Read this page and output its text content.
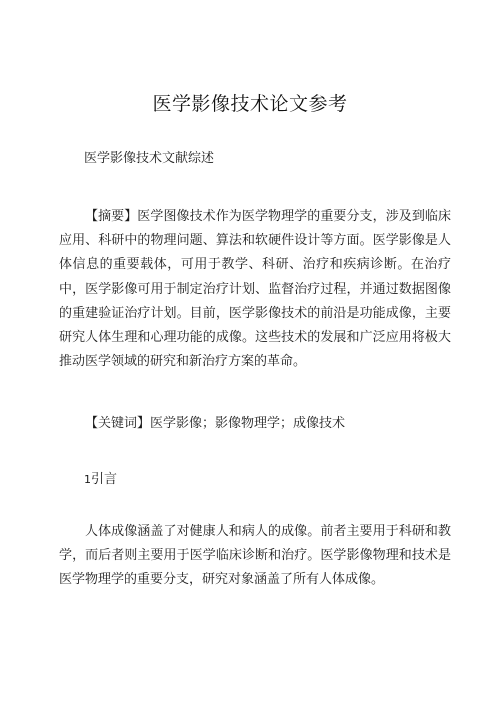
医学影像技术论文参考
医学影像技术文献综述

【摘要】医学图像技术作为医学物理学的重要分支，涉及到临床应用、科研中的物理问题、算法和软硬件设计等方面。医学影像是人体信息的重要载体，可用于教学、科研、治疗和疾病诊断。在治疗中，医学影像可用于制定治疗计划、监督治疗过程，并通过数据图像的重建验证治疗计划。目前，医学影像技术的前沿是功能成像，主要研究人体生理和心理功能的成像。这些技术的发展和广泛应用将极大推动医学领域的研究和新治疗方案的革命。

【关键词】医学影像；影像物理学；成像技术

1引言

人体成像涵盖了对健康人和病人的成像。前者主要用于科研和教学，而后者则主要用于医学临床诊断和治疗。医学影像物理和技术是医学物理学的重要分支，研究对象涵盖了所有人体成像。
